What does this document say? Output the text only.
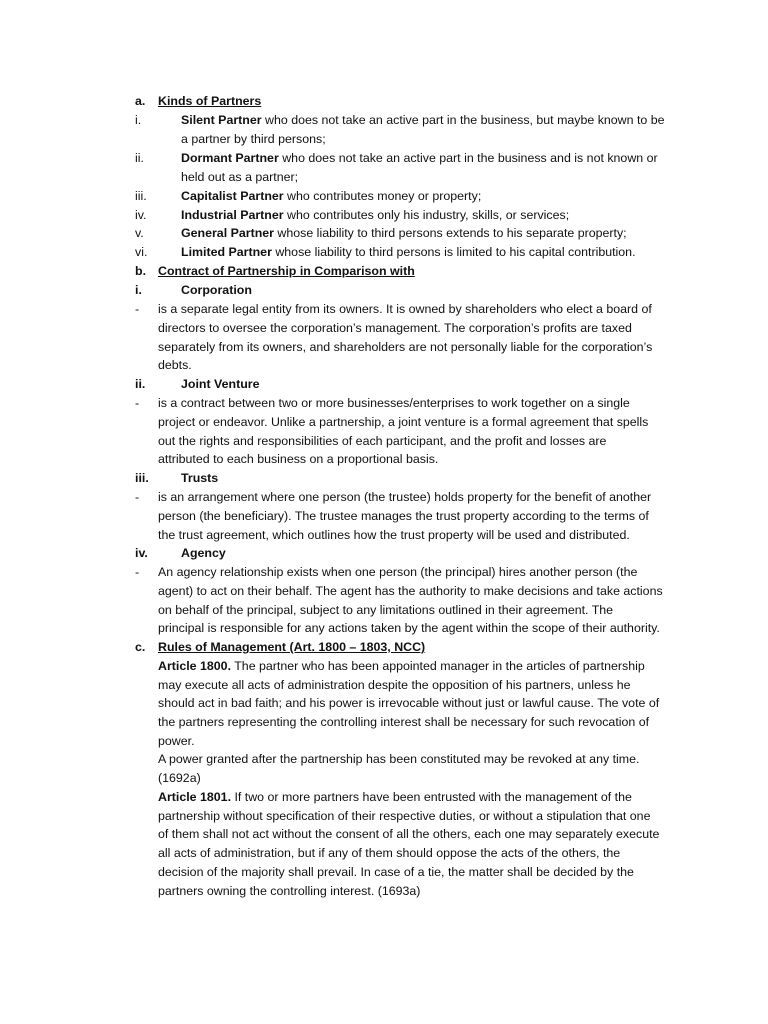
a. Kinds of Partners
i.	Silent Partner who does not take an active part in the business, but maybe known to be
a partner by third persons;
ii.	Dormant Partner who does not take an active part in the business and is not known or
held out as a partner;
iii.	Capitalist Partner who contributes money or property;
iv.	Industrial Partner who contributes only his industry, skills, or services;
v.	General Partner whose liability to third persons extends to his separate property;
vi.	Limited Partner whose liability to third persons is limited to his capital contribution.
b. Contract of Partnership in Comparison with
i.	Corporation
- is a separate legal entity from its owners. It is owned by shareholders who elect a board of
directors to oversee the corporation’s management. The corporation’s profits are taxed
separately from its owners, and shareholders are not personally liable for the corporation’s
debts.
ii.	Joint Venture
- is a contract between two or more businesses/enterprises to work together on a single
project or endeavor. Unlike a partnership, a joint venture is a formal agreement that spells
out the rights and responsibilities of each participant, and the profit and losses are
attributed to each business on a proportional basis.
iii.	Trusts
- is an arrangement where one person (the trustee) holds property for the benefit of another
person (the beneficiary). The trustee manages the trust property according to the terms of
the trust agreement, which outlines how the trust property will be used and distributed.
iv.	Agency
- An agency relationship exists when one person (the principal) hires another person (the
agent) to act on their behalf. The agent has the authority to make decisions and take actions
on behalf of the principal, subject to any limitations outlined in their agreement. The
principal is responsible for any actions taken by the agent within the scope of their authority.
c. Rules of Management (Art. 1800 – 1803, NCC)
Article 1800. The partner who has been appointed manager in the articles of partnership
may execute all acts of administration despite the opposition of his partners, unless he
should act in bad faith; and his power is irrevocable without just or lawful cause. The vote of
the partners representing the controlling interest shall be necessary for such revocation of
power.
A power granted after the partnership has been constituted may be revoked at any time.
(1692a)
Article 1801. If two or more partners have been entrusted with the management of the
partnership without specification of their respective duties, or without a stipulation that one
of them shall not act without the consent of all the others, each one may separately execute
all acts of administration, but if any of them should oppose the acts of the others, the
decision of the majority shall prevail. In case of a tie, the matter shall be decided by the
partners owning the controlling interest. (1693a)
